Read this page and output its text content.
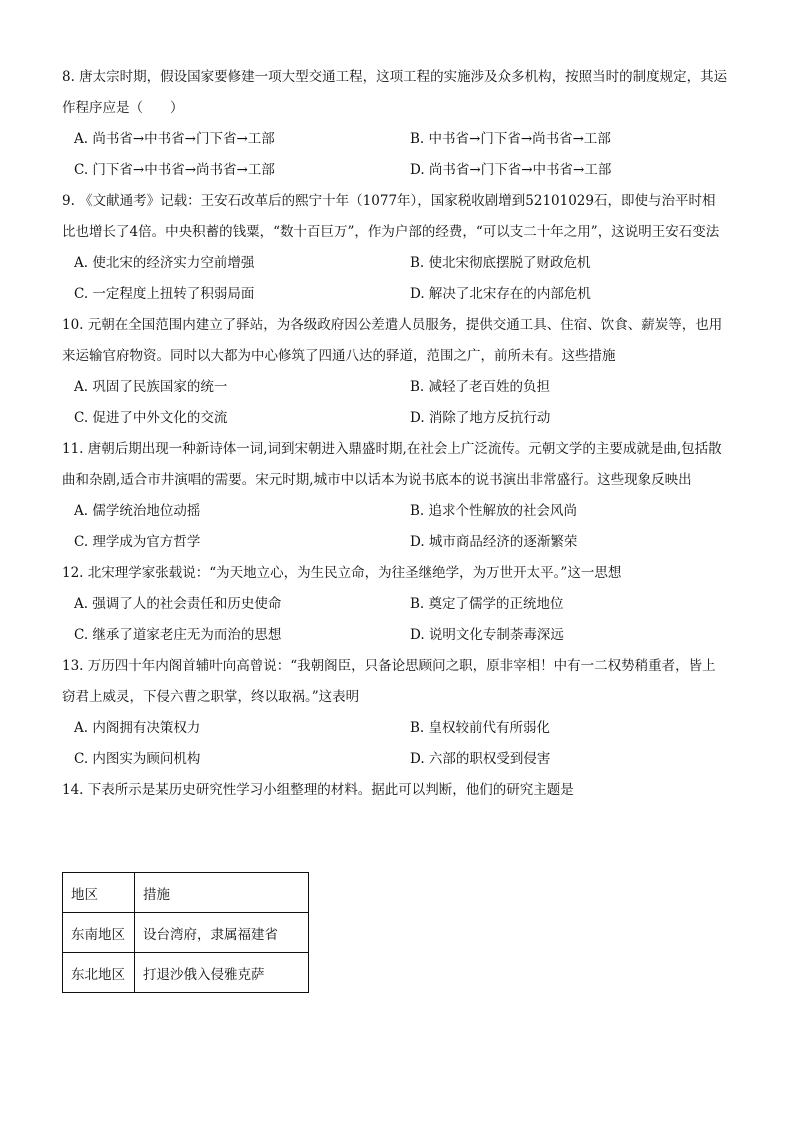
8. 唐太宗时期，假设国家要修建一项大型交通工程，这项工程的实施涉及众多机构，按照当时的制度规定，其运作程序应是（　　）

A. 尚书省→中书省→门下省→工部	B. 中书省→门下省→尚书省→工部
C. 门下省→中书省→尚书省→工部	D. 尚书省→门下省→中书省→工部

9. 《文献通考》记载：王安石改革后的熙宁十年（1077年），国家税收剧增到52101029石，即使与治平时相比也增长了4倍。中央积蓄的钱粟，“数十百巨万”，作为户部的经费，“可以支二十年之用”，这说明王安石变法

A. 使北宋的经济实力空前增强	B. 使北宋彻底摆脱了财政危机
C. 一定程度上扭转了积弱局面	D. 解决了北宋存在的内部危机

10. 元朝在全国范围内建立了驿站，为各级政府因公差遣人员服务，提供交通工具、住宿、饮食、薪炭等，也用来运输官府物资。同时以大都为中心修筑了四通八达的驿道，范围之广，前所未有。这些措施

A. 巩固了民族国家的统一	B. 减轻了老百姓的负担
C. 促进了中外文化的交流	D. 消除了地方反抗行动

11. 唐朝后期出现一种新诗体一词,词到宋朝进入鼎盛时期,在社会上广泛流传。元朝文学的主要成就是曲,包括散曲和杂剧,适合市井演唱的需要。宋元时期,城市中以话本为说书底本的说书演出非常盛行。这些现象反映出

A. 儒学统治地位动摇	B. 追求个性解放的社会风尚
C. 理学成为官方哲学	D. 城市商品经济的逐渐繁荣

12. 北宋理学家张载说：“为天地立心，为生民立命，为往圣继绝学，为万世开太平。”这一思想

A. 强调了人的社会责任和历史使命	B. 奠定了儒学的正统地位
C. 继承了道家老庄无为而治的思想	D. 说明文化专制荼毒深远

13. 万历四十年内阁首辅叶向高曾说：“我朝阁臣，只备论思顾问之职，原非宰相！中有一二权势稍重者，皆上窃君上威灵，下侵六曹之职掌，终以取祸。”这表明

A. 内阁拥有决策权力	B. 皇权较前代有所弱化
C. 内图实为顾问机构	D. 六部的职权受到侵害

14. 下表所示是某历史研究性学习小组整理的材料。据此可以判断，他们的研究主题是

地区	措施
东南地区	设台湾府，隶属福建省
东北地区	打退沙俄入侵雅克萨
